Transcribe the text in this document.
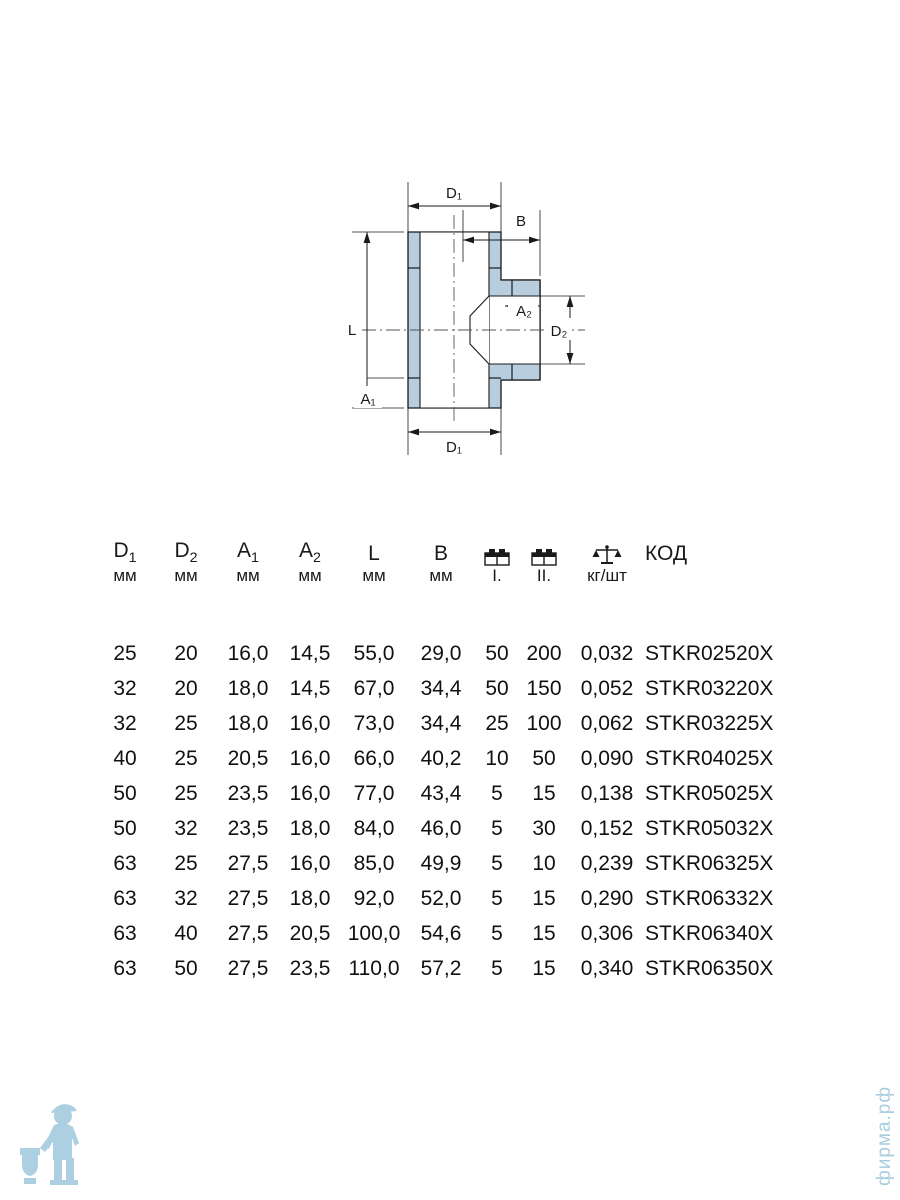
D₁
B
L
A₁
D₁
D₂
A₂
$D_1$	$D_2$	$A_1$	$A_2$	L	B				КОД
мм	мм	мм	мм	мм	мм	I.	II.	кг/шт	

25	20	16,0	14,5	55,0	29,0	50	200	0,032	STKR02520X
32	20	18,0	14,5	67,0	34,4	50	150	0,052	STKR03220X
32	25	18,0	16,0	73,0	34,4	25	100	0,062	STKR03225X
40	25	20,5	16,0	66,0	40,2	10	50	0,090	STKR04025X
50	25	23,5	16,0	77,0	43,4	5	15	0,138	STKR05025X
50	32	23,5	18,0	84,0	46,0	5	30	0,152	STKR05032X
63	25	27,5	16,0	85,0	49,9	5	10	0,239	STKR06325X
63	32	27,5	18,0	92,0	52,0	5	15	0,290	STKR06332X
63	40	27,5	20,5	100,0	54,6	5	15	0,306	STKR06340X
63	50	27,5	23,5	110,0	57,2	5	15	0,340	STKR06350X
фирма.рф
